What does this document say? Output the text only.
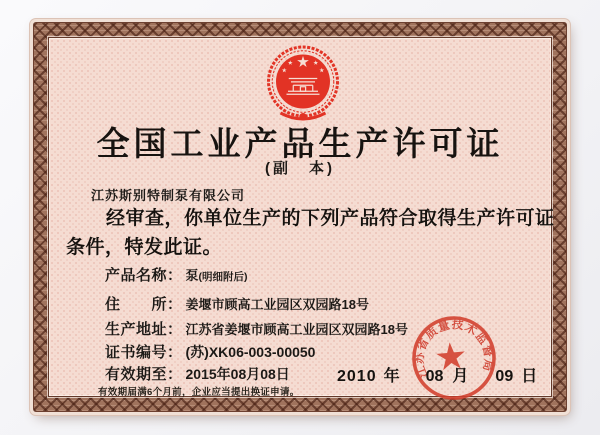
全国工业产品生产许可证
(副　本)
江苏斯别特制泵有限公司
经审查，你单位生产的下列产品符合取得生产许可证
条件，特发此证。
产品名称： 泵(明细附后)
住　　所： 姜堰市顾高工业园区双园路18号
生产地址： 江苏省姜堰市顾高工业园区双园路18号
证书编号： (苏)XK06-003-00050
有效期至： 2015年08月08日
有效期届满6个月前，企业应当提出换证申请。
2010 年 08 月 09 日
江苏省质量技术监督局
